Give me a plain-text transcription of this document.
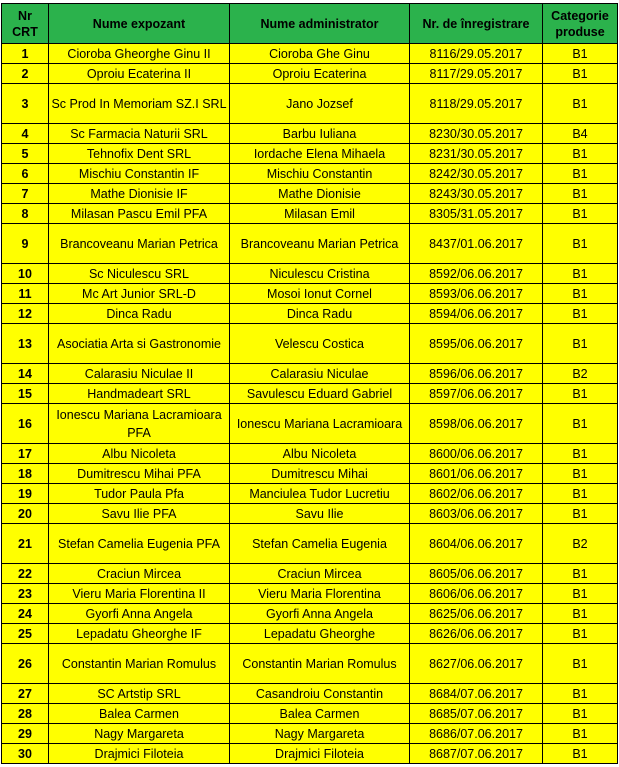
Nr CRT	Nume expozant	Nume administrator	Nr. de înregistrare	Categorie produse
1	Cioroba Gheorghe Ginu II	Cioroba Ghe Ginu	8116/29.05.2017	B1
2	Oproiu Ecaterina II	Oproiu Ecaterina	8117/29.05.2017	B1
3	Sc Prod In Memoriam SZ.I SRL	Jano Jozsef	8118/29.05.2017	B1
4	Sc Farmacia Naturii SRL	Barbu Iuliana	8230/30.05.2017	B4
5	Tehnofix Dent SRL	Iordache Elena Mihaela	8231/30.05.2017	B1
6	Mischiu Constantin IF	Mischiu Constantin	8242/30.05.2017	B1
7	Mathe Dionisie IF	Mathe Dionisie	8243/30.05.2017	B1
8	Milasan Pascu Emil PFA	Milasan Emil	8305/31.05.2017	B1
9	Brancoveanu Marian Petrica	Brancoveanu Marian Petrica	8437/01.06.2017	B1
10	Sc Niculescu SRL	Niculescu Cristina	8592/06.06.2017	B1
11	Mc Art Junior SRL-D	Mosoi Ionut Cornel	8593/06.06.2017	B1
12	Dinca Radu	Dinca Radu	8594/06.06.2017	B1
13	Asociatia Arta si Gastronomie	Velescu Costica	8595/06.06.2017	B1
14	Calarasiu Niculae II	Calarasiu Niculae	8596/06.06.2017	B2
15	Handmadeart SRL	Savulescu Eduard Gabriel	8597/06.06.2017	B1
16	Ionescu Mariana Lacramioara PFA	Ionescu Mariana Lacramioara	8598/06.06.2017	B1
17	Albu Nicoleta	Albu Nicoleta	8600/06.06.2017	B1
18	Dumitrescu Mihai PFA	Dumitrescu Mihai	8601/06.06.2017	B1
19	Tudor Paula Pfa	Manciulea Tudor Lucretiu	8602/06.06.2017	B1
20	Savu Ilie PFA	Savu Ilie	8603/06.06.2017	B1
21	Stefan Camelia Eugenia PFA	Stefan Camelia Eugenia	8604/06.06.2017	B2
22	Craciun Mircea	Craciun Mircea	8605/06.06.2017	B1
23	Vieru Maria Florentina II	Vieru Maria Florentina	8606/06.06.2017	B1
24	Gyorfi Anna Angela	Gyorfi Anna Angela	8625/06.06.2017	B1
25	Lepadatu Gheorghe IF	Lepadatu Gheorghe	8626/06.06.2017	B1
26	Constantin Marian Romulus	Constantin Marian Romulus	8627/06.06.2017	B1
27	SC Artstip SRL	Casandroiu Constantin	8684/07.06.2017	B1
28	Balea Carmen	Balea Carmen	8685/07.06.2017	B1
29	Nagy Margareta	Nagy Margareta	8686/07.06.2017	B1
30	Drajmici Filoteia	Drajmici Filoteia	8687/07.06.2017	B1
